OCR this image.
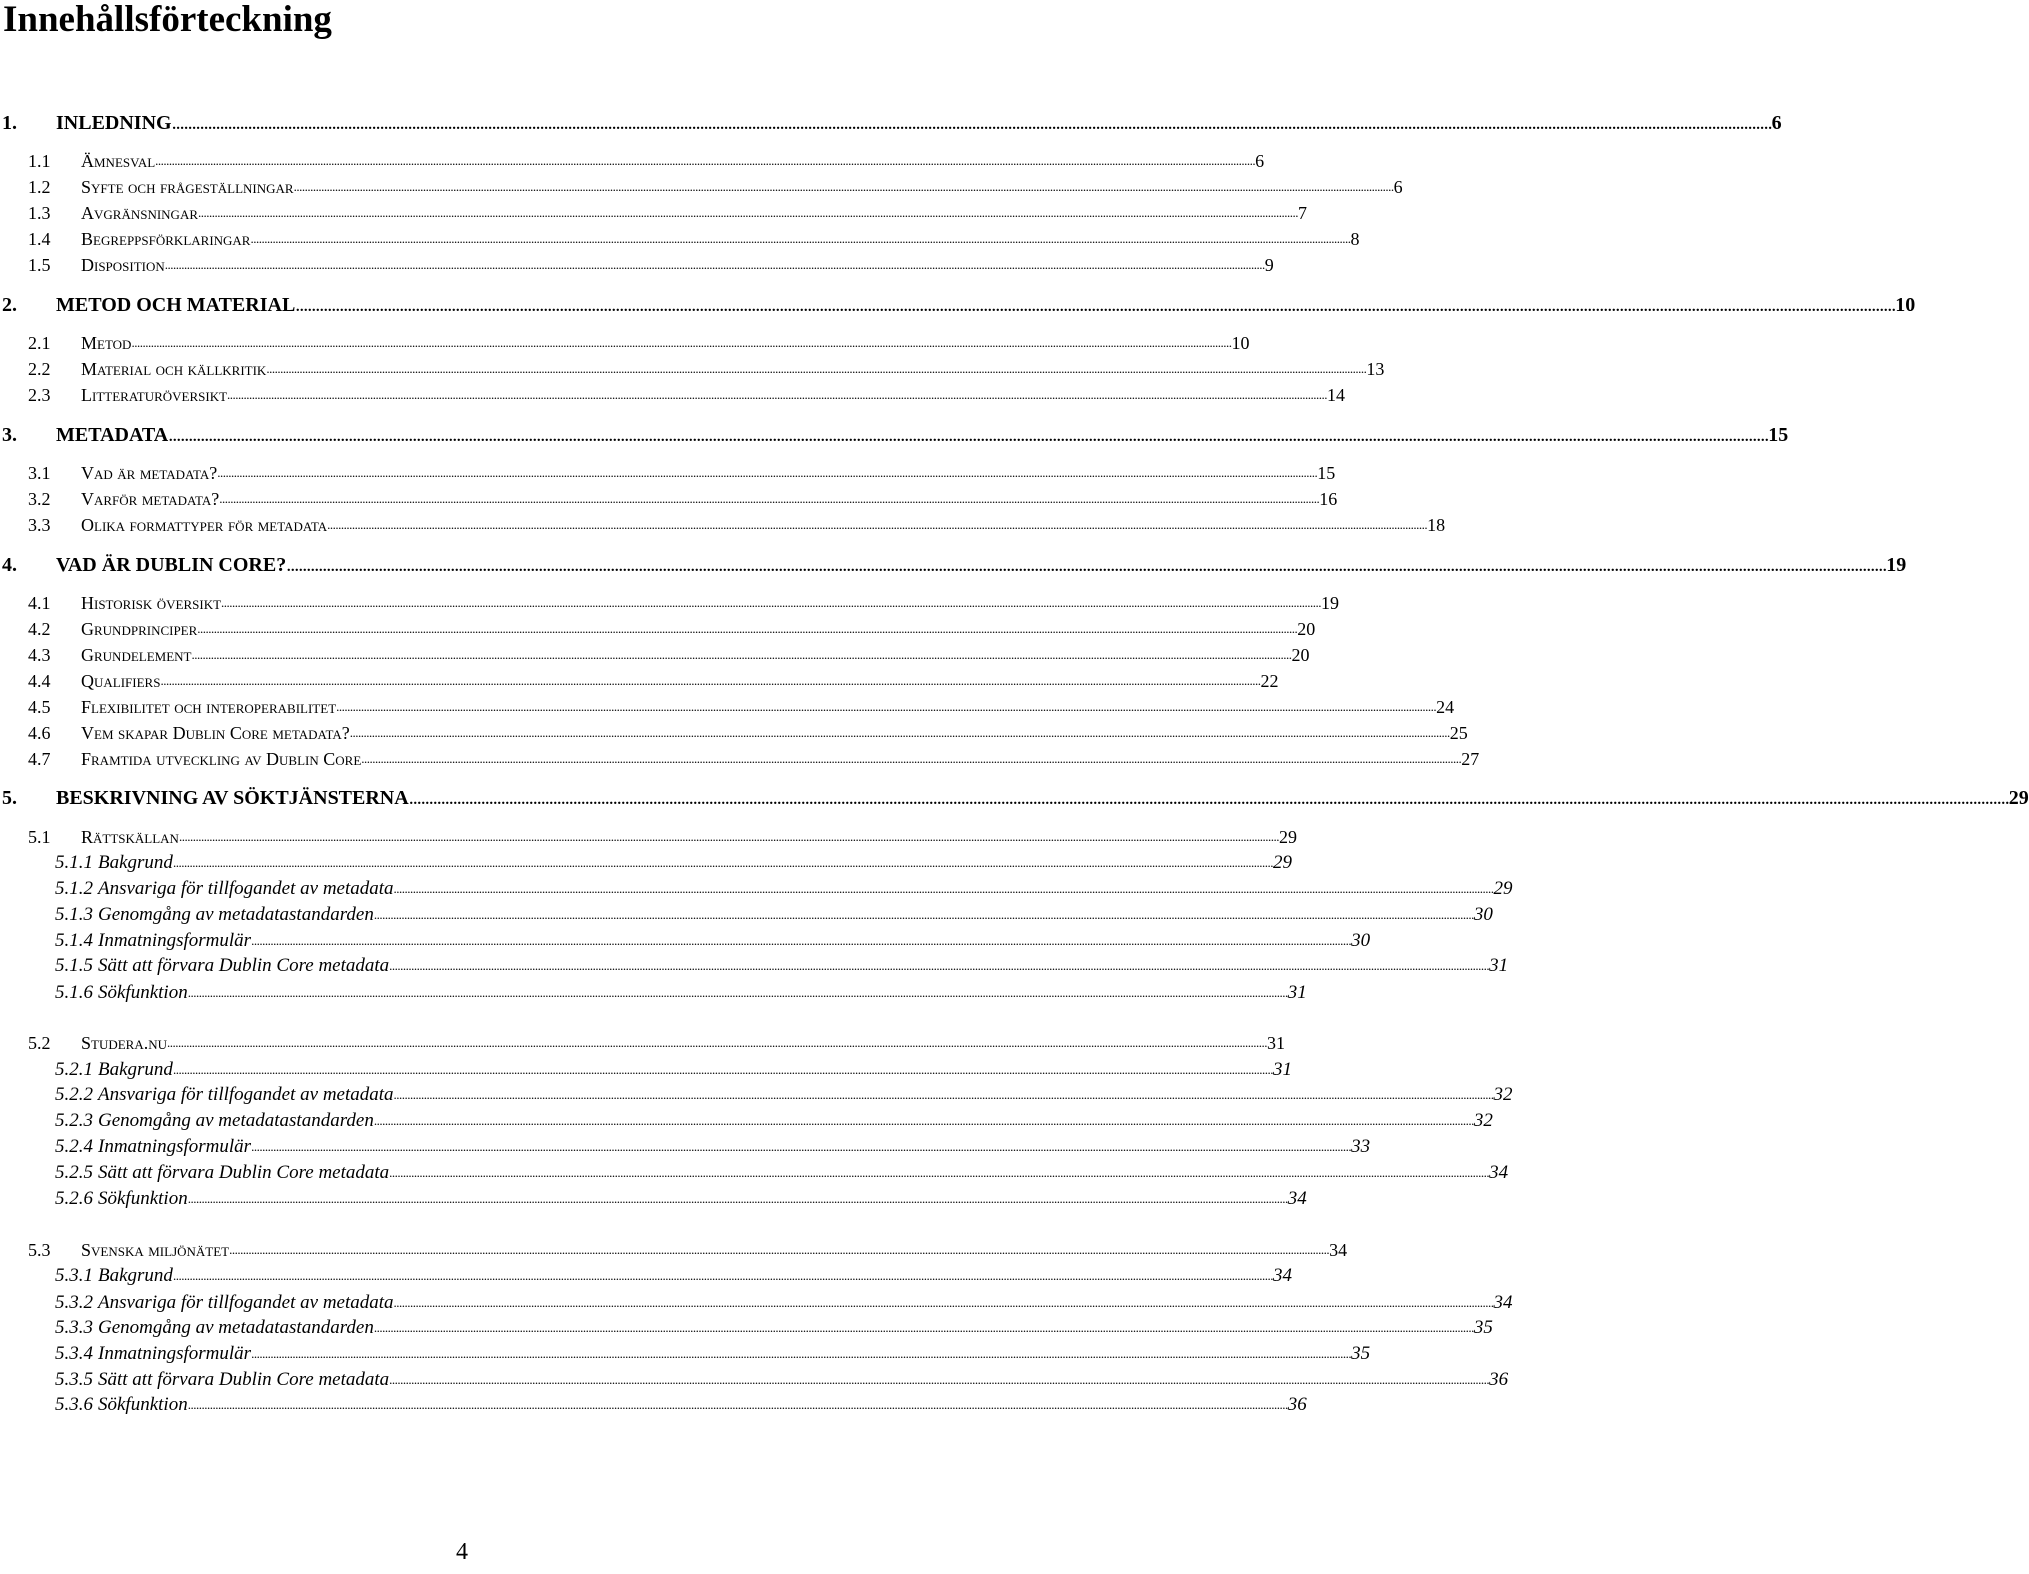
Innehållsförteckning
1.	INLEDNING ................................................................................................................................................................................................................................................................................................................................................................................................................ 6
1.1	Ämnesval ................................................................................................................................................................................................................................................................................................................................................................................................................ 6
1.2	Syfte och frågeställningar ................................................................................................................................................................................................................................................................................................................................................................................................................ 6
1.3	Avgränsningar ................................................................................................................................................................................................................................................................................................................................................................................................................ 7
1.4	Begreppsförklaringar ................................................................................................................................................................................................................................................................................................................................................................................................................ 8
1.5	Disposition ................................................................................................................................................................................................................................................................................................................................................................................................................ 9
2.	METOD OCH MATERIAL ................................................................................................................................................................................................................................................................................................................................................................................................................ 10
2.1	Metod ................................................................................................................................................................................................................................................................................................................................................................................................................ 10
2.2	Material och källkritik ................................................................................................................................................................................................................................................................................................................................................................................................................ 13
2.3	Litteraturöversikt ................................................................................................................................................................................................................................................................................................................................................................................................................ 14
3.	METADATA ................................................................................................................................................................................................................................................................................................................................................................................................................ 15
3.1	Vad är metadata? ................................................................................................................................................................................................................................................................................................................................................................................................................ 15
3.2	Varför metadata? ................................................................................................................................................................................................................................................................................................................................................................................................................ 16
3.3	Olika formattyper för metadata ................................................................................................................................................................................................................................................................................................................................................................................................................ 18
4.	VAD ÄR DUBLIN CORE? ................................................................................................................................................................................................................................................................................................................................................................................................................ 19
4.1	Historisk översikt ................................................................................................................................................................................................................................................................................................................................................................................................................ 19
4.2	Grundprinciper ................................................................................................................................................................................................................................................................................................................................................................................................................ 20
4.3	Grundelement ................................................................................................................................................................................................................................................................................................................................................................................................................ 20
4.4	Qualifiers ................................................................................................................................................................................................................................................................................................................................................................................................................ 22
4.5	Flexibilitet och interoperabilitet ................................................................................................................................................................................................................................................................................................................................................................................................................ 24
4.6	Vem skapar Dublin Core metadata? ................................................................................................................................................................................................................................................................................................................................................................................................................ 25
4.7	Framtida utveckling av Dublin Core ................................................................................................................................................................................................................................................................................................................................................................................................................ 27
5.	BESKRIVNING AV SÖKTJÄNSTERNA ................................................................................................................................................................................................................................................................................................................................................................................................................ 29
5.1	Rättskällan ................................................................................................................................................................................................................................................................................................................................................................................................................ 29
5.1.1 Bakgrund ................................................................................................................................................................................................................................................................................................................................................................................................................ 29
5.1.2 Ansvariga för tillfogandet av metadata ................................................................................................................................................................................................................................................................................................................................................................................................................ 29
5.1.3 Genomgång av metadatastandarden ................................................................................................................................................................................................................................................................................................................................................................................................................ 30
5.1.4 Inmatningsformulär ................................................................................................................................................................................................................................................................................................................................................................................................................ 30
5.1.5 Sätt att förvara Dublin Core metadata ................................................................................................................................................................................................................................................................................................................................................................................................................ 31
5.1.6 Sökfunktion ................................................................................................................................................................................................................................................................................................................................................................................................................ 31
5.2	Studera.nu ................................................................................................................................................................................................................................................................................................................................................................................................................ 31
5.2.1 Bakgrund ................................................................................................................................................................................................................................................................................................................................................................................................................ 31
5.2.2 Ansvariga för tillfogandet av metadata ................................................................................................................................................................................................................................................................................................................................................................................................................ 32
5.2.3 Genomgång av metadatastandarden ................................................................................................................................................................................................................................................................................................................................................................................................................ 32
5.2.4 Inmatningsformulär ................................................................................................................................................................................................................................................................................................................................................................................................................ 33
5.2.5 Sätt att förvara Dublin Core metadata ................................................................................................................................................................................................................................................................................................................................................................................................................ 34
5.2.6 Sökfunktion ................................................................................................................................................................................................................................................................................................................................................................................................................ 34
5.3	Svenska miljönätet ................................................................................................................................................................................................................................................................................................................................................................................................................ 34
5.3.1 Bakgrund ................................................................................................................................................................................................................................................................................................................................................................................................................ 34
5.3.2 Ansvariga för tillfogandet av metadata ................................................................................................................................................................................................................................................................................................................................................................................................................ 34
5.3.3 Genomgång av metadatastandarden ................................................................................................................................................................................................................................................................................................................................................................................................................ 35
5.3.4 Inmatningsformulär ................................................................................................................................................................................................................................................................................................................................................................................................................ 35
5.3.5 Sätt att förvara Dublin Core metadata ................................................................................................................................................................................................................................................................................................................................................................................................................ 36
5.3.6 Sökfunktion ................................................................................................................................................................................................................................................................................................................................................................................................................ 36
4
